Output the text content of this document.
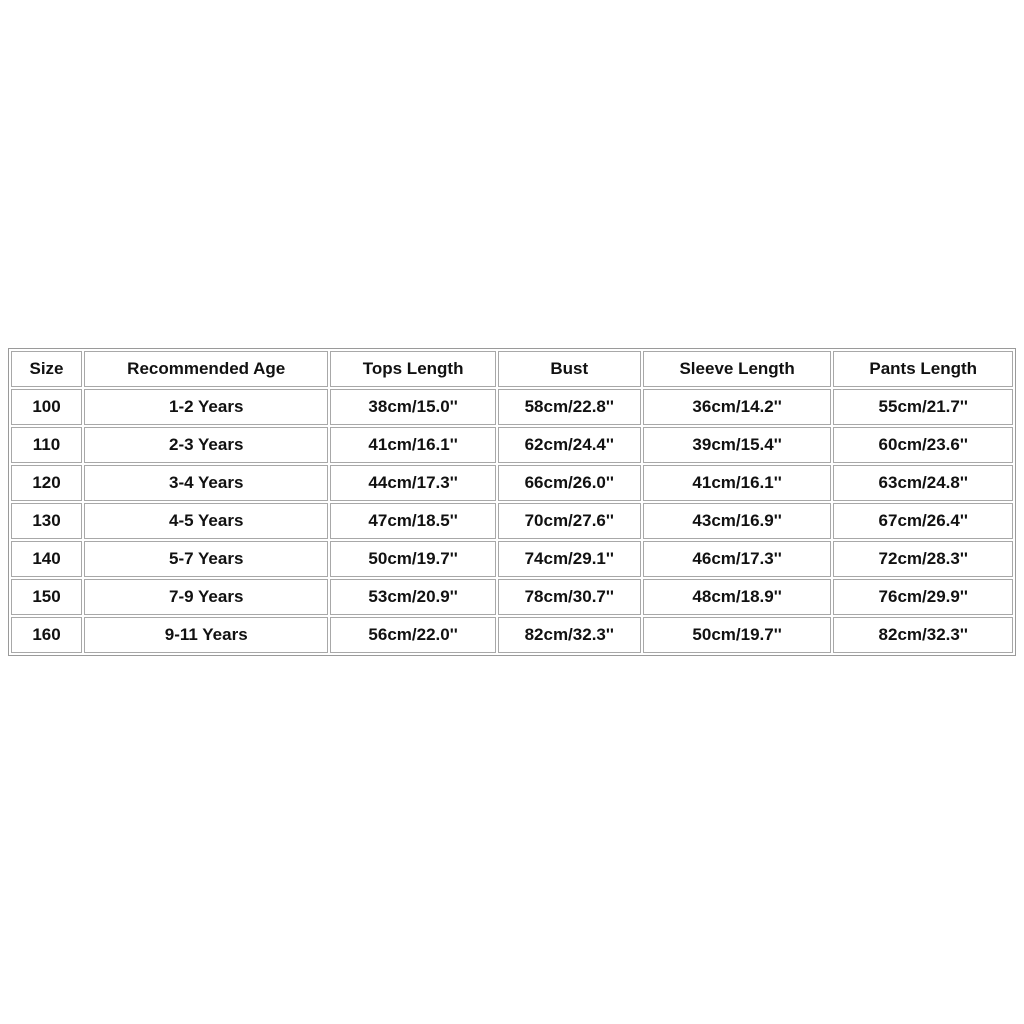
Size	Recommended Age	Tops Length	Bust	Sleeve Length	Pants Length
100	1-2 Years	38cm/15.0''	58cm/22.8''	36cm/14.2''	55cm/21.7''
110	2-3 Years	41cm/16.1''	62cm/24.4''	39cm/15.4''	60cm/23.6''
120	3-4 Years	44cm/17.3''	66cm/26.0''	41cm/16.1''	63cm/24.8''
130	4-5 Years	47cm/18.5''	70cm/27.6''	43cm/16.9''	67cm/26.4''
140	5-7 Years	50cm/19.7''	74cm/29.1''	46cm/17.3''	72cm/28.3''
150	7-9 Years	53cm/20.9''	78cm/30.7''	48cm/18.9''	76cm/29.9''
160	9-11 Years	56cm/22.0''	82cm/32.3''	50cm/19.7''	82cm/32.3''
